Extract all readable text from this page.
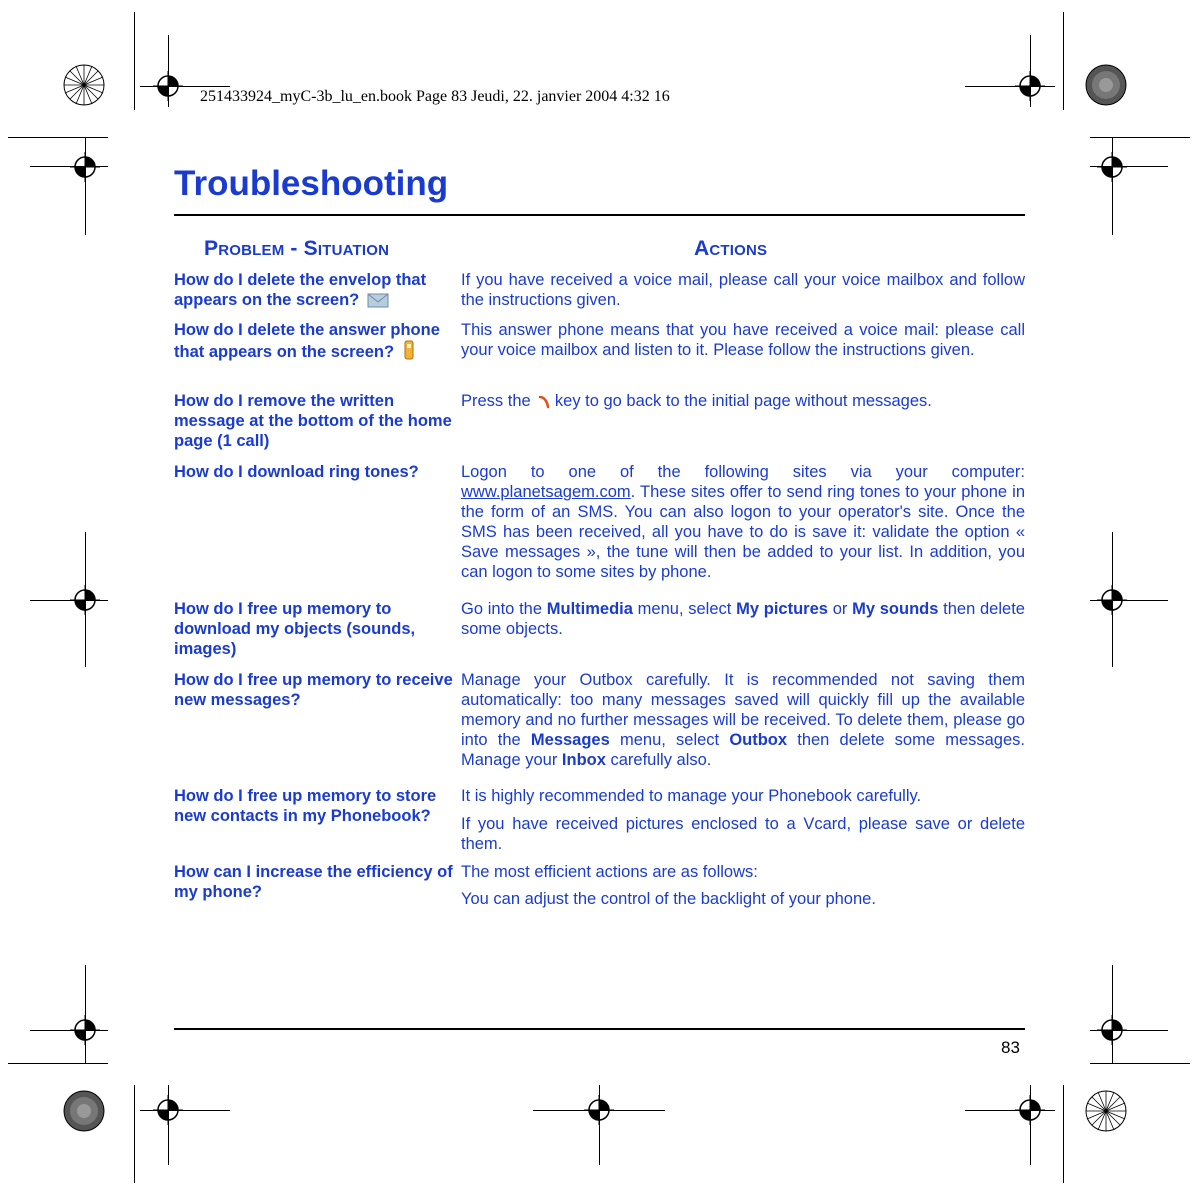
251433924_myC-3b_lu_en.book Page 83 Jeudi, 22. janvier 2004 4:32 16
Troubleshooting
Problem - Situation	Actions
How do I delete the envelop that appears on the screen?
If you have received a voice mail, please call your voice mailbox and follow the instructions given.
How do I delete the answer phone that appears on the screen?
This answer phone means that you have received a voice mail: please call your voice mailbox and listen to it. Please follow the instructions given.
How do I remove the written message at the bottom of the home page (1 call)
Press the key to go back to the initial page without messages.
How do I download ring tones?	Logon to one of the following sites via your computer: www.planetsagem.com. These sites offer to send ring tones to your phone in the form of an SMS. You can also logon to your operator's site. Once the SMS has been received, all you have to do is save it: validate the option « Save messages », the tune will then be added to your list. In addition, you can logon to some sites by phone.
How do I free up memory to download my objects (sounds, images)
Go into the Multimedia menu, select My pictures or My sounds then delete some objects.
How do I free up memory to receive new messages?
Manage your Outbox carefully. It is recommended not saving them automatically: too many messages saved will quickly fill up the available memory and no further messages will be received. To delete them, please go into the Messages menu, select Outbox then delete some messages. Manage your Inbox carefully also.
How do I free up memory to store new contacts in my Phonebook?
It is highly recommended to manage your Phonebook carefully.
If you have received pictures enclosed to a Vcard, please save or delete them.
How can I increase the efficiency of my phone?
The most efficient actions are as follows:
You can adjust the control of the backlight of your phone.
83
